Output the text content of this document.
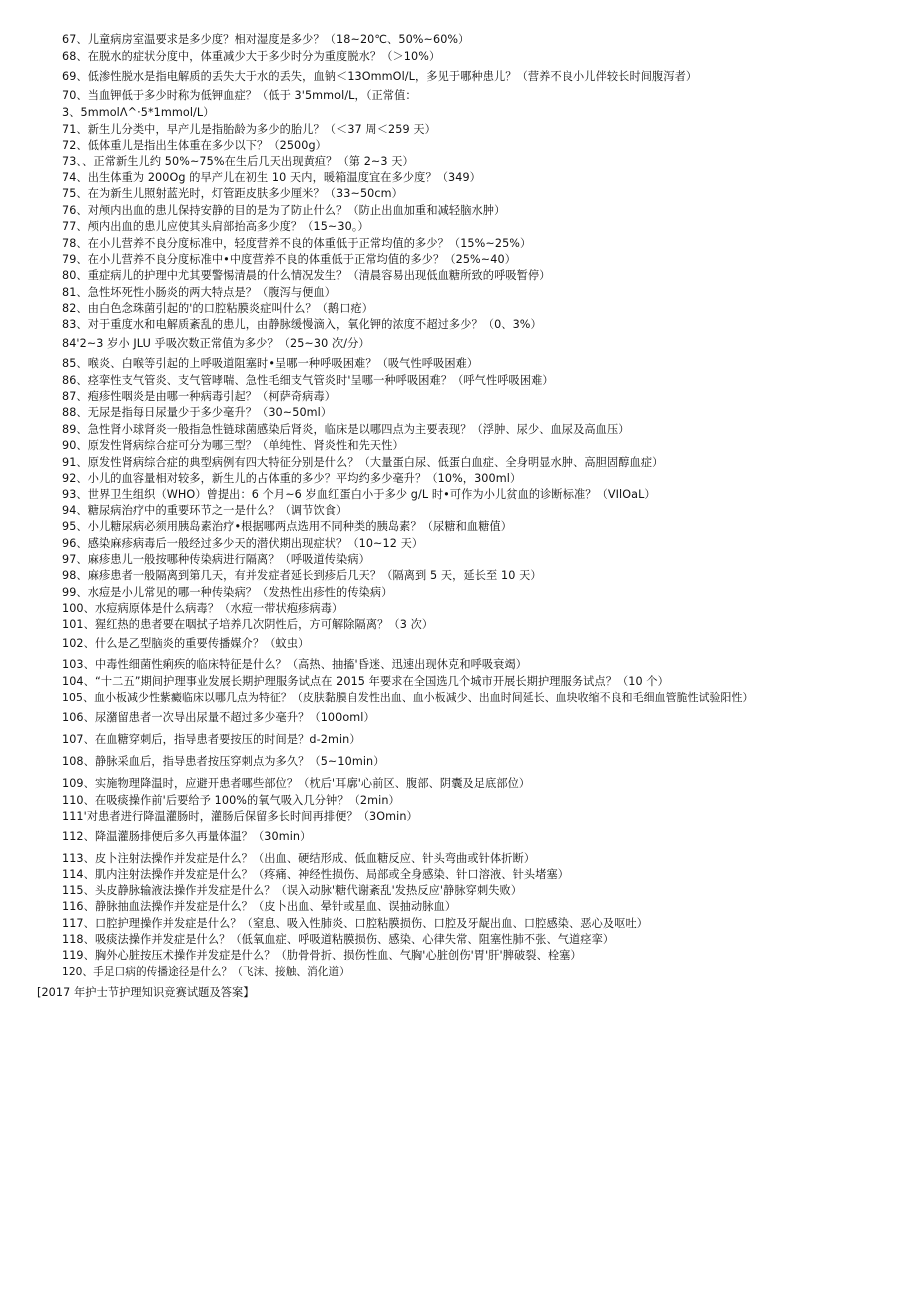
67、儿童病房室温要求是多少度？相对湿度是多少？（18~20℃、50%~60%）
68、在脱水的症状分度中，体重减少大于多少时分为重度脱水？（＞10%）
69、低渗性脱水是指电解质的丢失大于水的丢失，血钠＜13OmmOl/L，多见于哪种患儿？（营养不良小儿伴较长时间腹泻者）
70、当血钾低于多少时称为低钾血症？（低于 3'5mmol/L，（正常值：
3、5mmolΛ^·5*1mmol/L）
71、新生儿分类中，早产儿是指胎龄为多少的胎儿？（＜37 周＜259 天）
72、低体重儿是指出生体重在多少以下？（2500g）
73、、正常新生儿约 50%~75%在生后几天出现黄疸？（第 2~3 天）
74、出生体重为 200Og 的早产儿在初生 10 天内，暖箱温度宜在多少度？（349）
75、在为新生儿照射蓝光时，灯管距皮肤多少厘米？（33~50cm）
76、对颅内出血的患儿保持安静的目的是为了防止什么？（防止出血加重和减轻脑水肿）
77、颅内出血的患儿应使其头肩部抬高多少度？（15~30。）
78、在小儿营养不良分度标准中，轻度营养不良的体重低于正常均值的多少？（15%~25%）
79、在小儿营养不良分度标准中•中度营养不良的体重低于正常均值的多少？（25%~40）
80、重症病儿的护理中尤其要警惕清晨的什么情况发生？（清晨容易出现低血糖所致的呼吸暂停）
81、急性坏死性小肠炎的两大特点是？（腹泻与便血）
82、由白色念珠菌引起的'的口腔粘膜炎症叫什么？（鹅口疮）
83、对于重度水和电解质紊乱的患儿，由静脉缓慢滴入，氧化钾的浓度不超过多少？（0、3%）
84'2~3 岁小 JLU 乎吸次数正常值为多少？（25~30 次/分）
85、喉炎、白喉等引起的上呼吸道阻塞时•呈哪一种呼吸困难？（吸气性呼吸困难）
86、痉挛性支气管炎、支气管哮喘、急性毛细支气管炎时'呈哪一种呼吸困难？（呼气性呼吸困难）
87、疱疹性咽炎是由哪一种病毒引起？（柯萨奇病毒）
88、无尿是指每日尿量少于多少毫升？（30~50ml）
89、急性肾小球肾炎一般指急性链球菌感染后肾炎，临床是以哪四点为主要表现？（浮肿、尿少、血尿及高血压）
90、原发性肾病综合症可分为哪三型？（单纯性、肾炎性和先天性）
91、原发性肾病综合症的典型病例有四大特征分别是什么？（大量蛋白尿、低蛋白血症、全身明显水肿、高胆固醇血症）
92、小儿的血容量相对较多，新生儿的占体重的多少？平均约多少毫升？（10%，300ml）
93、世界卫生组织（WHO）曾提出：6 个月~6 岁血红蛋白小于多少 g/L 时•可作为小儿贫血的诊断标准？（VIlOaL）
94、糖尿病治疗中的重要环节之一是什么？（调节饮食）
95、小儿糖尿病必须用胰岛素治疗•根据哪两点选用不同种类的胰岛素？（尿糖和血糖值）
96、感染麻疹病毒后一般经过多少天的潜伏期出现症状？（10~12 天）
97、麻疹患儿一般按哪种传染病进行隔离？（呼吸道传染病）
98、麻疹患者一般隔离到第几天，有并发症者延长到疹后几天？（隔离到 5 天，延长至 10 天）
99、水痘是小儿常见的哪一种传染病？（发热性出疹性的传染病）
100、水痘病原体是什么病毒？（水痘一带状疱疹病毒）
101、猩红热的患者要在咽拭子培养几次阴性后，方可解除隔离？（3 次）
102、什么是乙型脑炎的重要传播媒介？（蚊虫）
103、中毒性细菌性痢疾的临床特征是什么？（高热、抽搐'昏迷、迅速出现休克和呼吸衰竭）
104、“十二五”期间护理事业发展长期护理服务试点在 2015 年要求在全国选几个城市开展长期护理服务试点？（10 个）
105、血小板减少性紫癜临床以哪几点为特征？（皮肤黏膜自发性出血、血小板减少、出血时间延长、血块收缩不良和毛细血管脆性试验阳性）
106、尿潴留患者一次导出尿量不超过多少毫升？（100oml）
107、在血糖穿刺后，指导患者要按压的时间是？d-2min）
108、静脉采血后，指导患者按压穿刺点为多久？（5~10min）
109、实施物理降温时，应避开患者哪些部位？（枕后'耳廓'心前区、腹部、阴囊及足底部位）
110、在吸痰操作前'后要给予 100%的氧气吸入几分钟？（2min）
111'对患者进行降温灌肠时，灌肠后保留多长时间再排便？（3Omin）
112、降温灌肠排便后多久再量体温？（30min）
113、皮卜注射法操作并发症是什么？（出血、硬结形成、低血糖反应、针头弯曲或针体折断）
114、肌内注射法操作并发症是什么？（疼痛、神经性损伤、局部或全身感染、针口溶液、针头堵塞）
115、头皮静脉输液法操作并发症是什么？（误入动脉'糖代谢紊乱'发热反应'静脉穿刺失败）
116、静脉抽血法操作并发症是什么？（皮卜出血、晕针或星血、误抽动脉血）
117、口腔护理操作并发症是什么？（窒息、吸入性肺炎、口腔粘膜损伤、口腔及牙龊出血、口腔感染、恶心及呕吐）
118、吸痰法操作并发症是什么？（低氧血症、呼吸道粘膜损伤、感染、心律失常、阻塞性肺不张、气道痉挛）
119、胸外心脏按压术操作并发症是什么？（肋骨骨折、损伤性血、气胸'心脏创伤'胃'肝'脾破裂、栓塞）
120、手足口病的传播途径是什么？（飞沫、接触、消化道）
[2017 年护士节护理知识竞赛试题及答案】
